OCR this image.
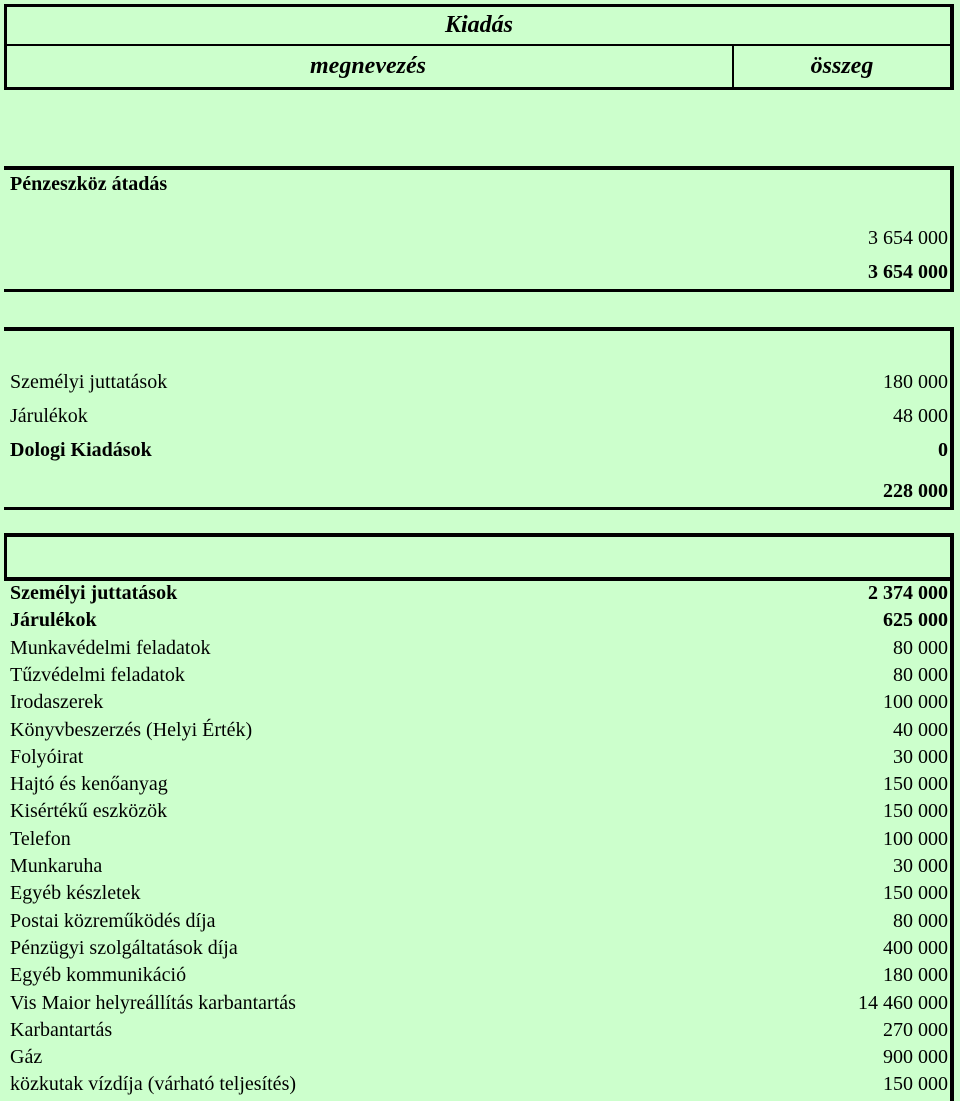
Kiadás
megnevezés	összeg
Pénzeszköz átadás
3 654 000
3 654 000
Személyi juttatások	180 000
Járulékok	48 000
Dologi Kiadások	0
228 000
Személyi juttatások	2 374 000
Járulékok	625 000
Munkavédelmi feladatok	80 000
Tűzvédelmi feladatok	80 000
Irodaszerek	100 000
Könyvbeszerzés (Helyi Érték)	40 000
Folyóirat	30 000
Hajtó és kenőanyag	150 000
Kisértékű eszközök	150 000
Telefon	100 000
Munkaruha	30 000
Egyéb készletek	150 000
Postai közreműködés díja	80 000
Pénzügyi szolgáltatások díja	400 000
Egyéb kommunikáció	180 000
Vis Maior helyreállítás karbantartás	14 460 000
Karbantartás	270 000
Gáz	900 000
közkutak vízdíja (várható teljesítés)	150 000
